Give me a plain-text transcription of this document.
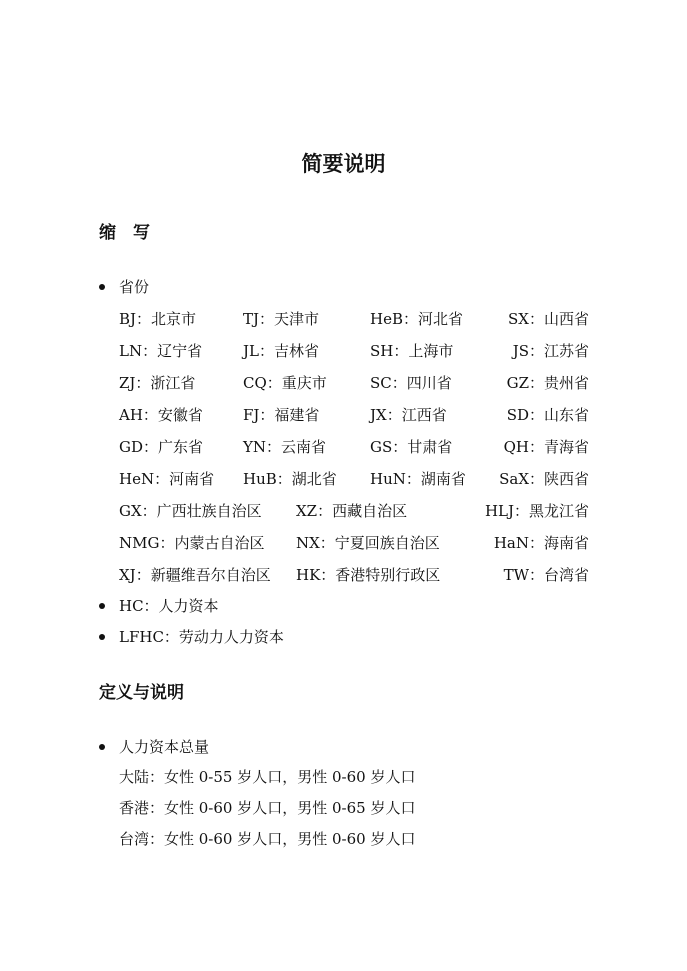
简要说明
缩　写
省份
BJ：北京市	TJ：天津市	HeB：河北省	SX：山西省
LN：辽宁省	JL：吉林省	SH：上海市	JS：江苏省
ZJ：浙江省	CQ：重庆市	SC：四川省	GZ：贵州省
AH：安徽省	FJ：福建省	JX：江西省	SD：山东省
GD：广东省	YN：云南省	GS：甘肃省	QH：青海省
HeN：河南省 HuB：湖北省 HuN：湖南省 SaX：陕西省
GX：广西壮族自治区 XZ：西藏自治区	HLJ：黑龙江省
NMG：内蒙古自治区 NX：宁夏回族自治区	HaN：海南省
XJ：新疆维吾尔自治区 HK：香港特别行政区	TW：台湾省
HC：人力资本
LFHC：劳动力人力资本
定义与说明
人力资本总量
大陆：女性 0-55 岁人口，男性 0-60 岁人口
香港：女性 0-60 岁人口，男性 0-65 岁人口
台湾：女性 0-60 岁人口，男性 0-60 岁人口
